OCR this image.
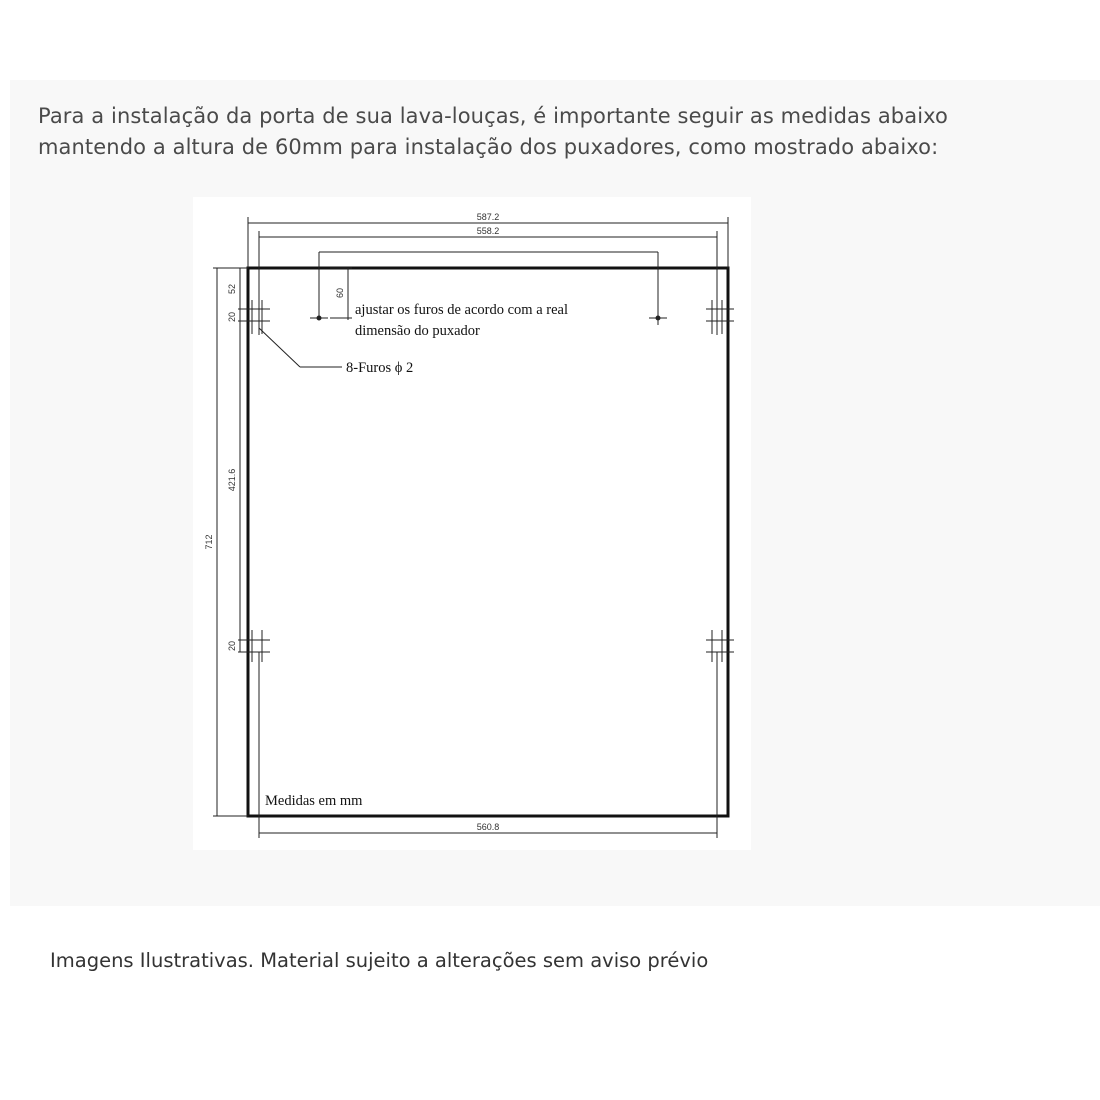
Para a instalação da porta de sua lava-louças, é importante seguir as medidas abaixo
mantendo a altura de 60mm para instalação dos puxadores, como mostrado abaixo:

587.2
558.2
60
ajustar os furos de acordo com a real
dimensão do puxador
8-Furos ϕ 2
712
52
20
421.6
20
560.8
Medidas em mm

Imagens Ilustrativas. Material sujeito a alterações sem aviso prévio
